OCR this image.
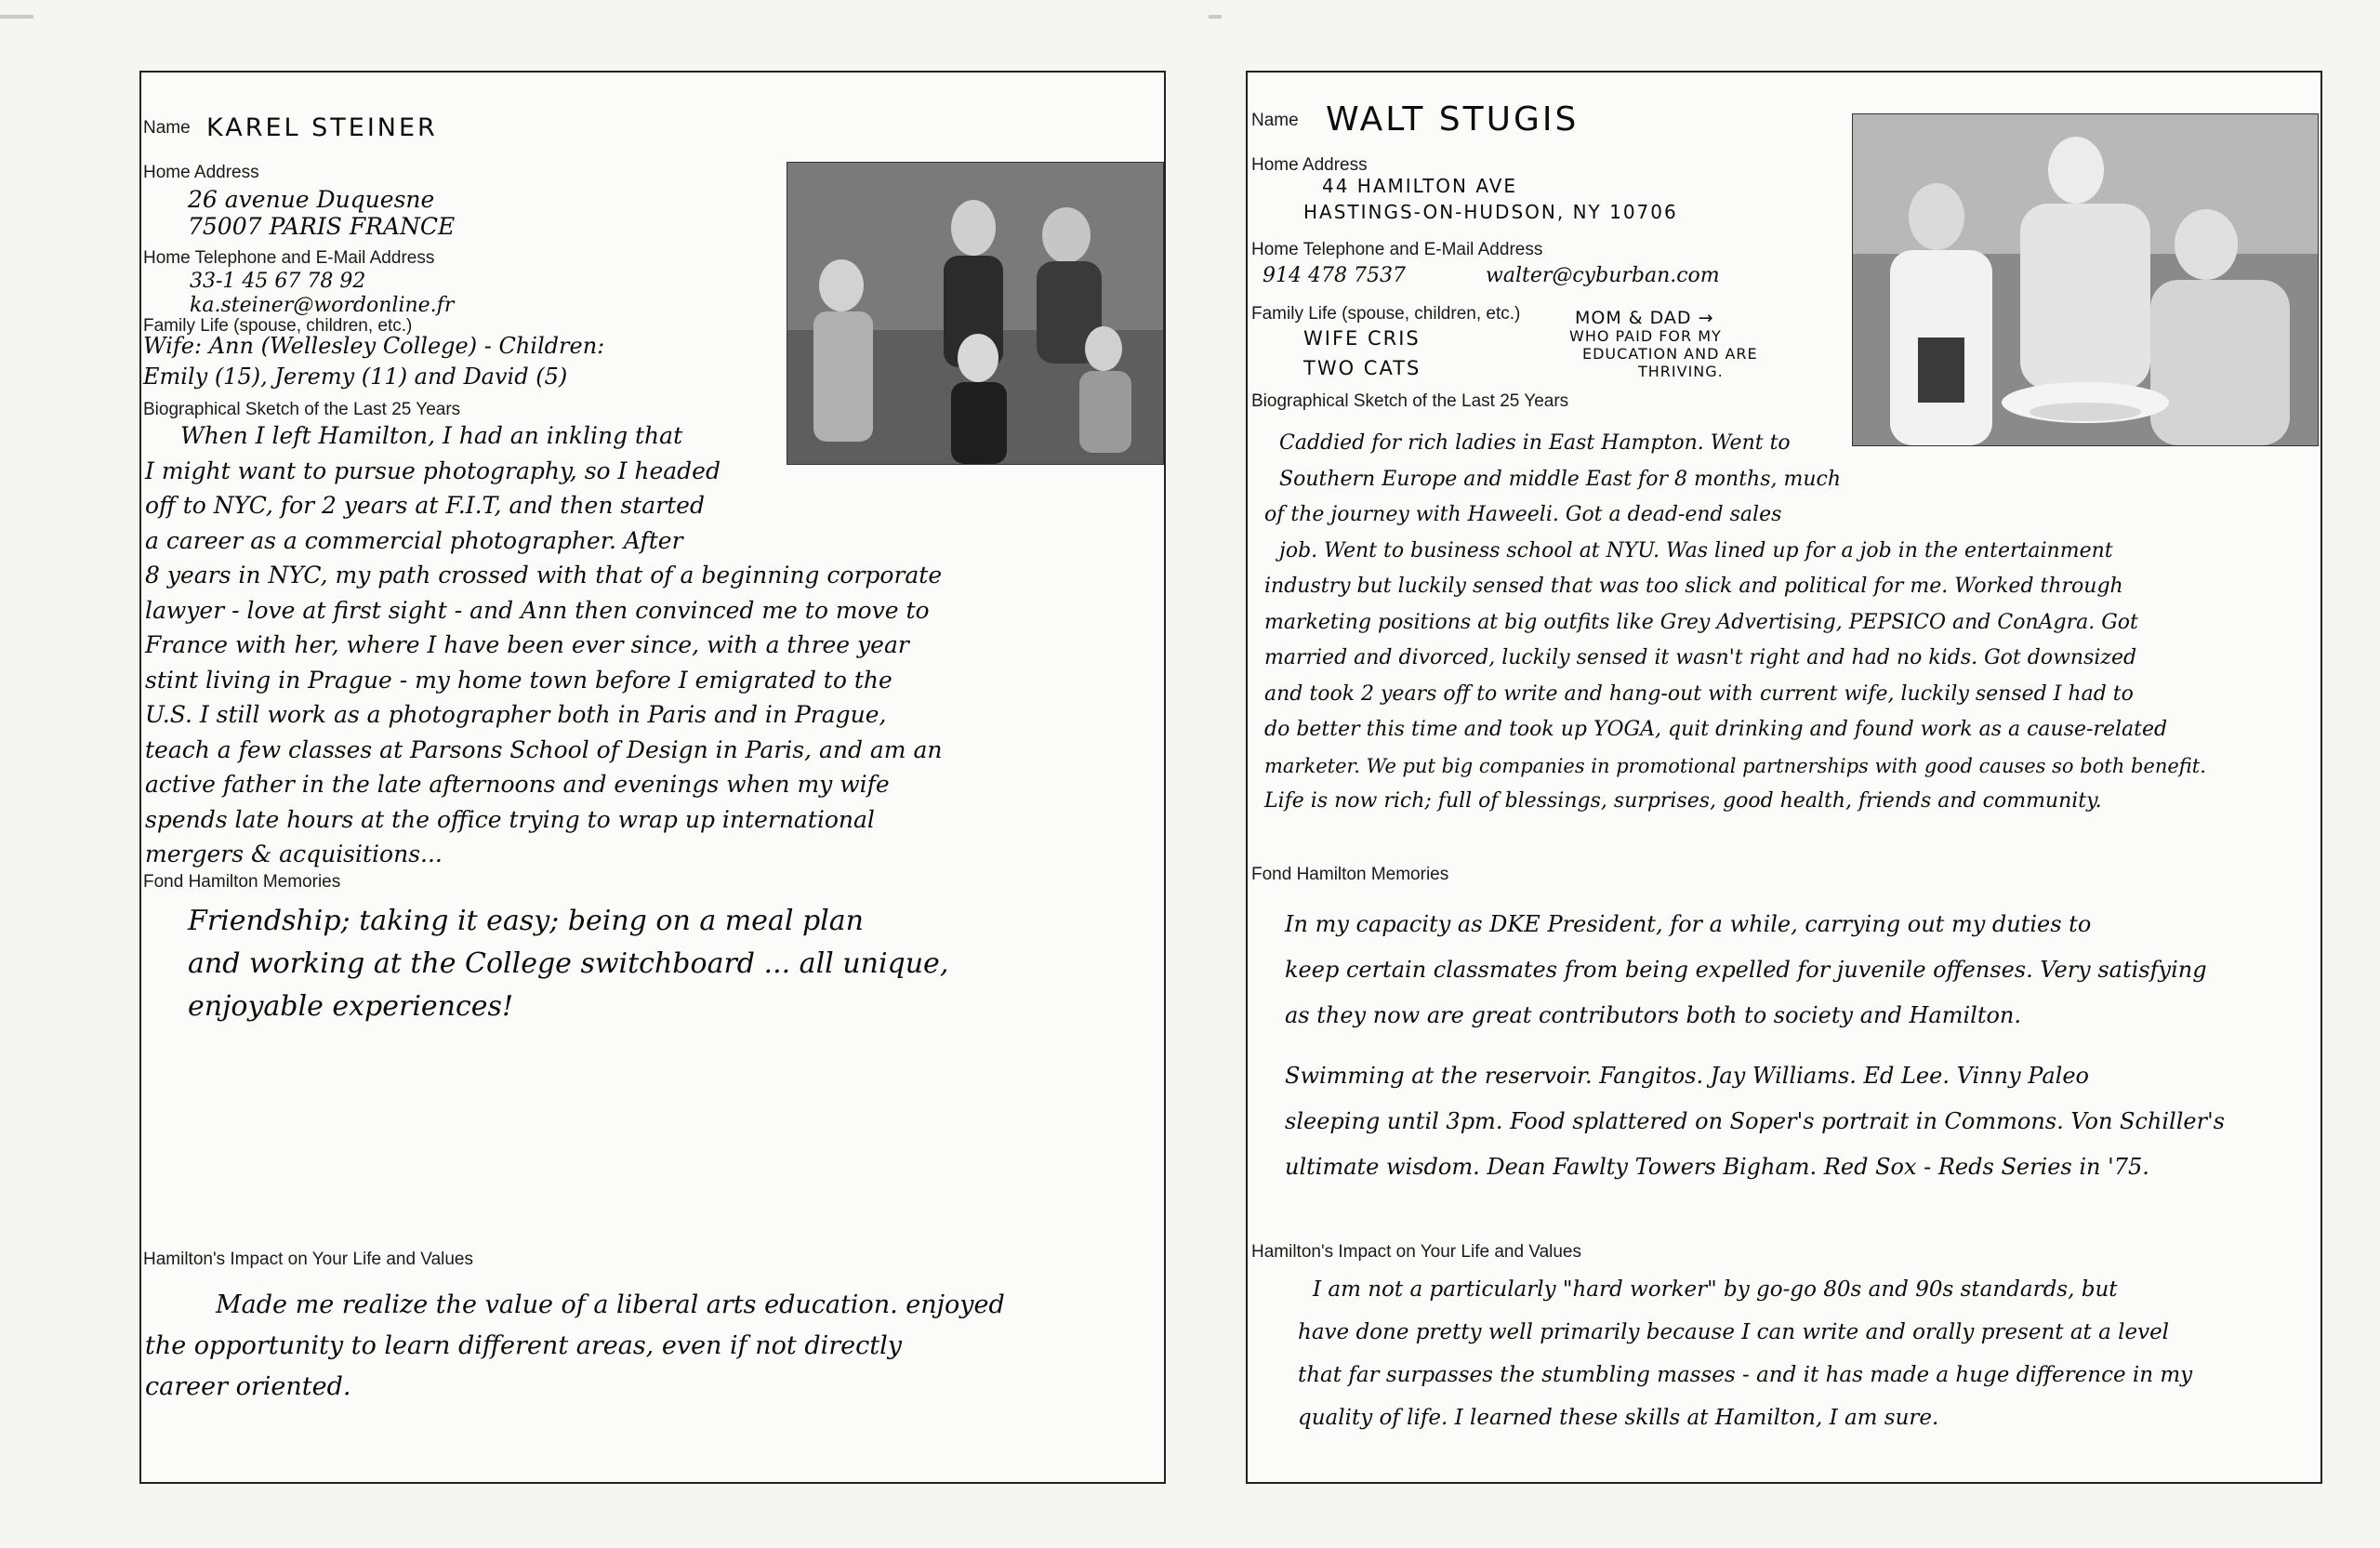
Name KAREL STEINER
Home Address
26 avenue Duquesne
75007 PARIS FRANCE
Home Telephone and E-Mail Address
33-1 45 67 78 92
ka.steiner@wordonline.fr
Family Life (spouse, children, etc.)
Wife: Ann (Wellesley College) - Children:
Emily (15), Jeremy (11) and David (5)
Biographical Sketch of the Last 25 Years
When I left Hamilton, I had an inkling that
I might want to pursue photography, so I headed
off to NYC, for 2 years at F.I.T, and then started
a career as a commercial photographer. After
8 years in NYC, my path crossed with that of a beginning corporate
lawyer - love at first sight - and Ann then convinced me to move to
France with her, where I have been ever since, with a three year
stint living in Prague - my home town before I emigrated to the
U.S. I still work as a photographer both in Paris and in Prague,
teach a few classes at Parsons School of Design in Paris, and am an
active father in the late afternoons and evenings when my wife
spends late hours at the office trying to wrap up international
mergers & acquisitions...
Fond Hamilton Memories
Friendship; taking it easy; being on a meal plan
and working at the College switchboard ... all unique,
enjoyable experiences!
Hamilton's Impact on Your Life and Values
Made me realize the value of a liberal arts education. enjoyed
the opportunity to learn different areas, even if not directly
career oriented.
Name WALT STUGIS
Home Address
44 HAMILTON AVE
HASTINGS-ON-HUDSON, NY 10706
Home Telephone and E-Mail Address
914 478 7537	walter@cyburban.com
Family Life (spouse, children, etc.)
WIFE CRIS
TWO CATS
MOM & DAD →
WHO PAID FOR MY
EDUCATION AND ARE
THRIVING.
Biographical Sketch of the Last 25 Years
Caddied for rich ladies in East Hampton. Went to
Southern Europe and middle East for 8 months, much
of the journey with Haweeli. Got a dead-end sales
job. Went to business school at NYU. Was lined up for a job in the entertainment
industry but luckily sensed that was too slick and political for me. Worked through
marketing positions at big outfits like Grey Advertising, PEPSICO and ConAgra. Got
married and divorced, luckily sensed it wasn't right and had no kids. Got downsized
and took 2 years off to write and hang-out with current wife, luckily sensed I had to
do better this time and took up YOGA, quit drinking and found work as a cause-related
marketer. We put big companies in promotional partnerships with good causes so both benefit.
Life is now rich; full of blessings, surprises, good health, friends and community.
Fond Hamilton Memories
In my capacity as DKE President, for a while, carrying out my duties to
keep certain classmates from being expelled for juvenile offenses. Very satisfying
as they now are great contributors both to society and Hamilton.
Swimming at the reservoir. Fangitos. Jay Williams. Ed Lee. Vinny Paleo
sleeping until 3pm. Food splattered on Soper's portrait in Commons. Von Schiller's
ultimate wisdom. Dean Fawlty Towers Bigham. Red Sox - Reds Series in '75.
Hamilton's Impact on Your Life and Values
I am not a particularly "hard worker" by go-go 80s and 90s standards, but
have done pretty well primarily because I can write and orally present at a level
that far surpasses the stumbling masses - and it has made a huge difference in my
quality of life. I learned these skills at Hamilton, I am sure.
